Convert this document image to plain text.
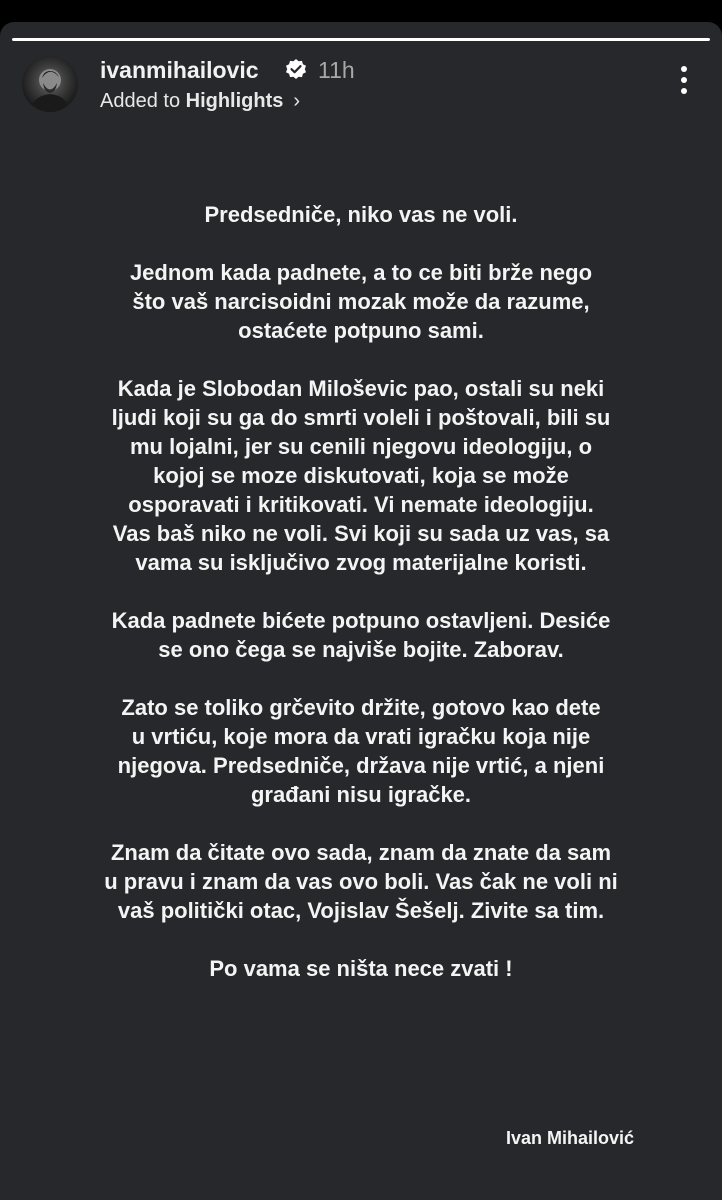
ivanmihailovic	11h
Added to Highlights ›

Predsedniče, niko vas ne voli.

Jednom kada padnete, a to ce biti brže nego
što vaš narcisoidni mozak može da razume,
ostaćete potpuno sami.

Kada je Slobodan Miloševic pao, ostali su neki
ljudi koji su ga do smrti voleli i poštovali, bili su
mu lojalni, jer su cenili njegovu ideologiju, o
kojoj se moze diskutovati, koja se može
osporavati i kritikovati. Vi nemate ideologiju.
Vas baš niko ne voli. Svi koji su sada uz vas, sa
vama su isključivo zvog materijalne koristi.

Kada padnete bićete potpuno ostavljeni. Desiće
se ono čega se najviše bojite. Zaborav.

Zato se toliko grčevito držite, gotovo kao dete
u vrtiću, koje mora da vrati igračku koja nije
njegova. Predsedniče, država nije vrtić, a njeni
građani nisu igračke.

Znam da čitate ovo sada, znam da znate da sam
u pravu i znam da vas ovo boli. Vas čak ne voli ni
vaš politički otac, Vojislav Šešelj. Zivite sa tim.

Po vama se ništa nece zvati !

Ivan Mihailović
